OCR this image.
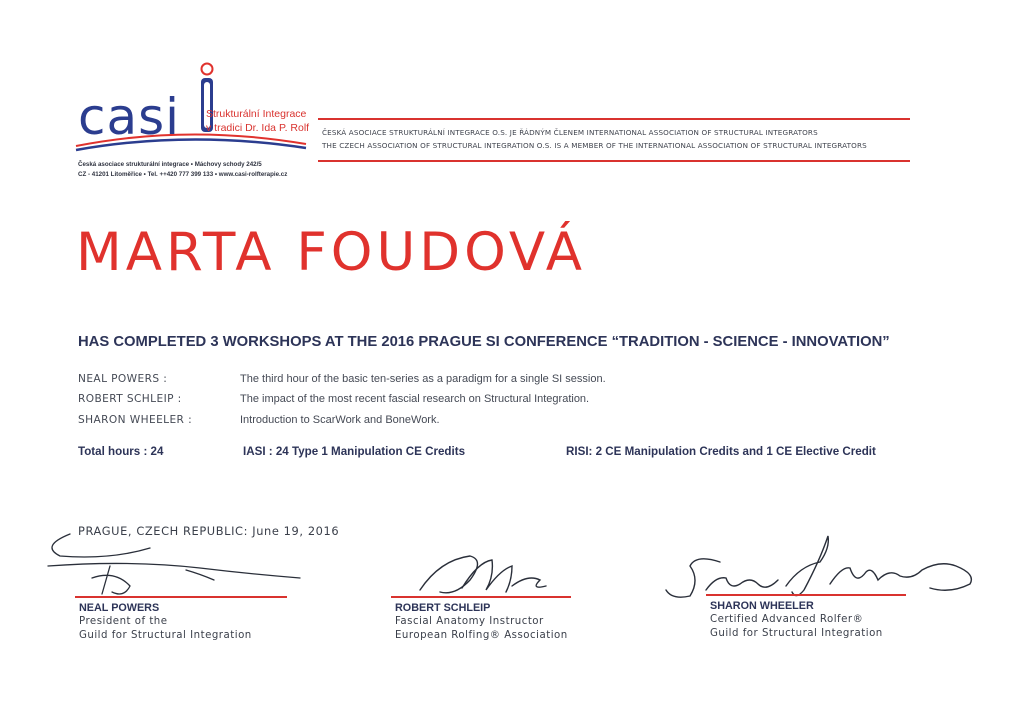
casi Strukturální Integrace
v tradici Dr. Ida P. Rolf
Česká asociace strukturální integrace • Máchovy schody 242/5
CZ - 41201 Litoměřice • Tel. ++420 777 399 133 • www.casi-rolfterapie.cz
ČESKÁ ASOCIACE STRUKTURÁLNÍ INTEGRACE O.S. JE ŘÁDNÝM ČLENEM INTERNATIONAL ASSOCIATION OF STRUCTURAL INTEGRATORS
THE CZECH ASSOCIATION OF STRUCTURAL INTEGRATION O.S. IS A MEMBER OF THE INTERNATIONAL ASSOCIATION OF STRUCTURAL INTEGRATORS
MARTA FOUDOVÁ
HAS COMPLETED 3 WORKSHOPS AT THE 2016 PRAGUE SI CONFERENCE “TRADITION - SCIENCE - INNOVATION”
NEAL POWERS :	The third hour of the basic ten-series as a paradigm for a single SI session.
ROBERT SCHLEIP :	The impact of the most recent fascial research on Structural Integration.
SHARON WHEELER :	Introduction to ScarWork and BoneWork.
Total hours : 24	IASI : 24 Type 1 Manipulation CE Credits	RISI: 2 CE Manipulation Credits and 1 CE Elective Credit
PRAGUE, CZECH REPUBLIC: June 19, 2016
NEAL POWERS
President of the
Guild for Structural Integration
ROBERT SCHLEIP
Fascial Anatomy Instructor
European Rolfing® Association
SHARON WHEELER
Certified Advanced Rolfer®
Guild for Structural Integration
